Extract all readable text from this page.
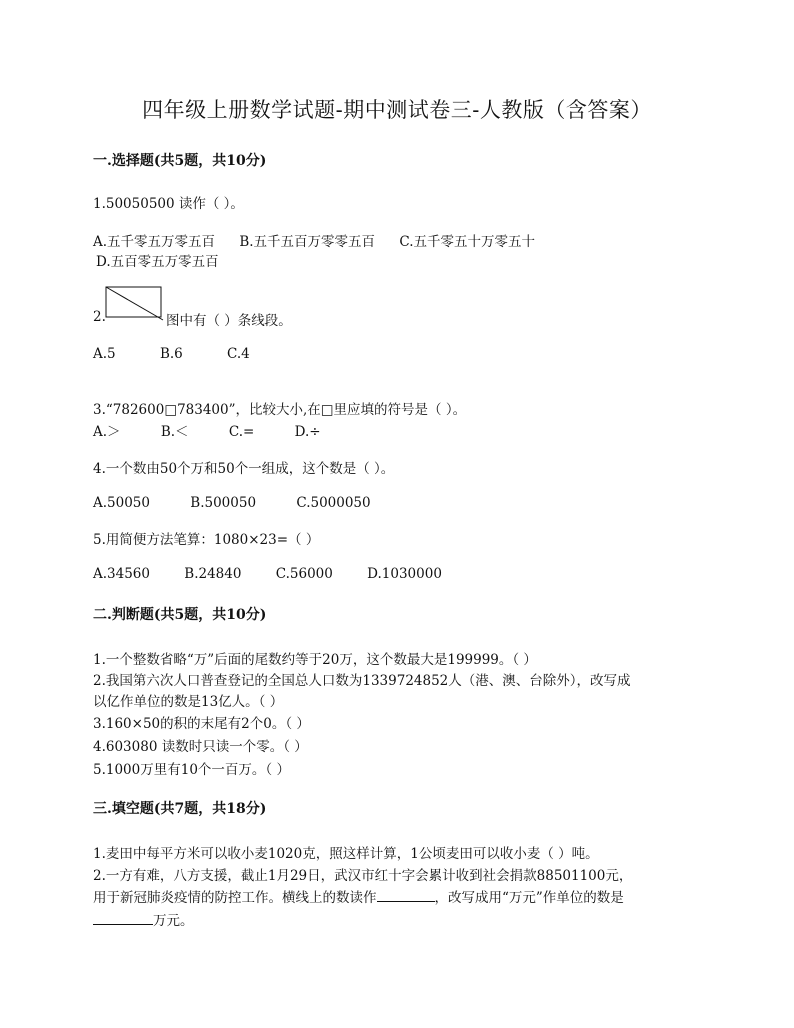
四年级上册数学试题-期中测试卷三-人教版（含答案）
一.选择题(共5题，共10分)
1.50050500 读作（ ）。
A.五千零五万零五百 B.五千五百万零零五百 C.五千零五十万零五十
D.五百零五万零五百
2.	图中有（ ）条线段。
A.5	B.6	C.4
3.“782600□783400”，比较大小,在□里应填的符号是（ ）。
A.＞	B.＜	C.=	D.÷
4.一个数由50个万和50个一组成，这个数是（ ）。
A.50050	B.500050	C.5000050
5.用简便方法笔算：1080×23=（ ）
A.34560	B.24840	C.56000	D.1030000
二.判断题(共5题，共10分)
1.一个整数省略“万”后面的尾数约等于20万，这个数最大是199999。（ ）
2.我国第六次人口普查登记的全国总人口数为1339724852人（港、澳、台除外），改写成
以亿作单位的数是13亿人。（ ）
3.160×50的积的末尾有2个0。（ ）
4.603080 读数时只读一个零。（ ）
5.1000万里有10个一百万。（ ）
三.填空题(共7题，共18分)
1.麦田中每平方米可以收小麦1020克，照这样计算，1公顷麦田可以收小麦（ ）吨。
2.一方有难，八方支援，截止1月29日，武汉市红十字会累计收到社会捐款88501100元，
用于新冠肺炎疫情的防控工作。横线上的数读作	，改写成用“万元”作单位的数是
万元。
